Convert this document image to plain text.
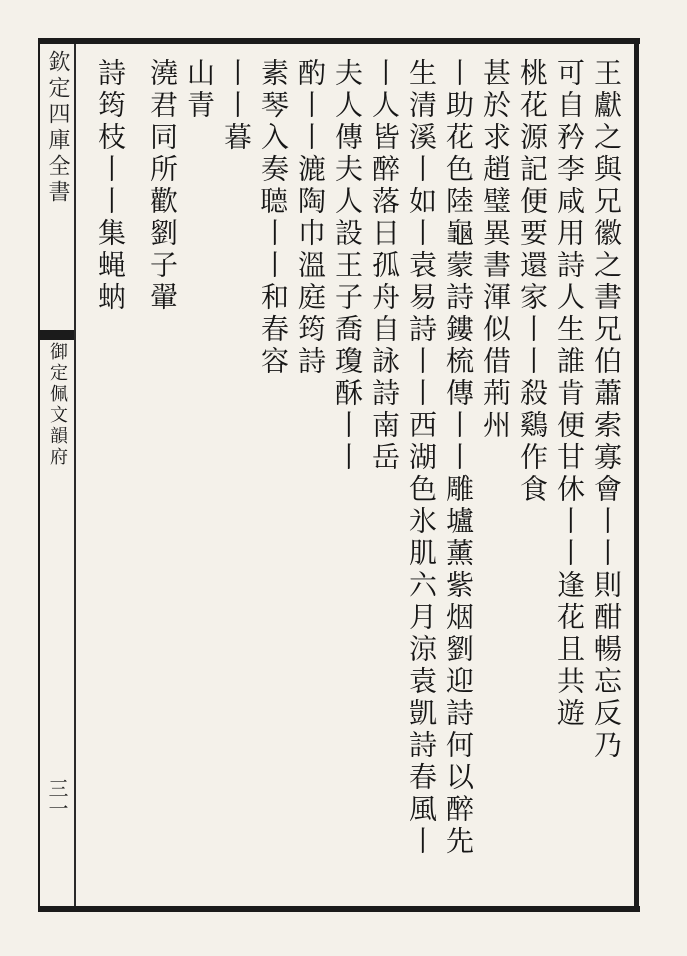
欽定四庫全書
御定佩文韻府
三一
王獻之與兄徽之書兄伯蕭索寡會丨丨則酣暢忘反乃
可自矜李咸用詩人生誰肯便甘休丨丨逢花且共遊
桃花源記便要還家丨丨殺鷄作食
甚於求趙璧異書渾似借荊州
丨助花色陸龜蒙詩鏤梳傳丨丨雕壚薰紫烟劉迎詩何以醉先
生清溪丨如丨袁易詩丨丨西湖色氷肌六月涼袁凱詩春風丨
丨人皆醉落日孤舟自詠詩南岳
夫人傳夫人設王子喬瓊酥丨丨
酌丨丨漉陶巾溫庭筠詩
素琴入奏𦗟丨丨和春容
丨丨暮
山青
澆君同所歡劉子翬
詩筠枝丨丨集蝇蚋
